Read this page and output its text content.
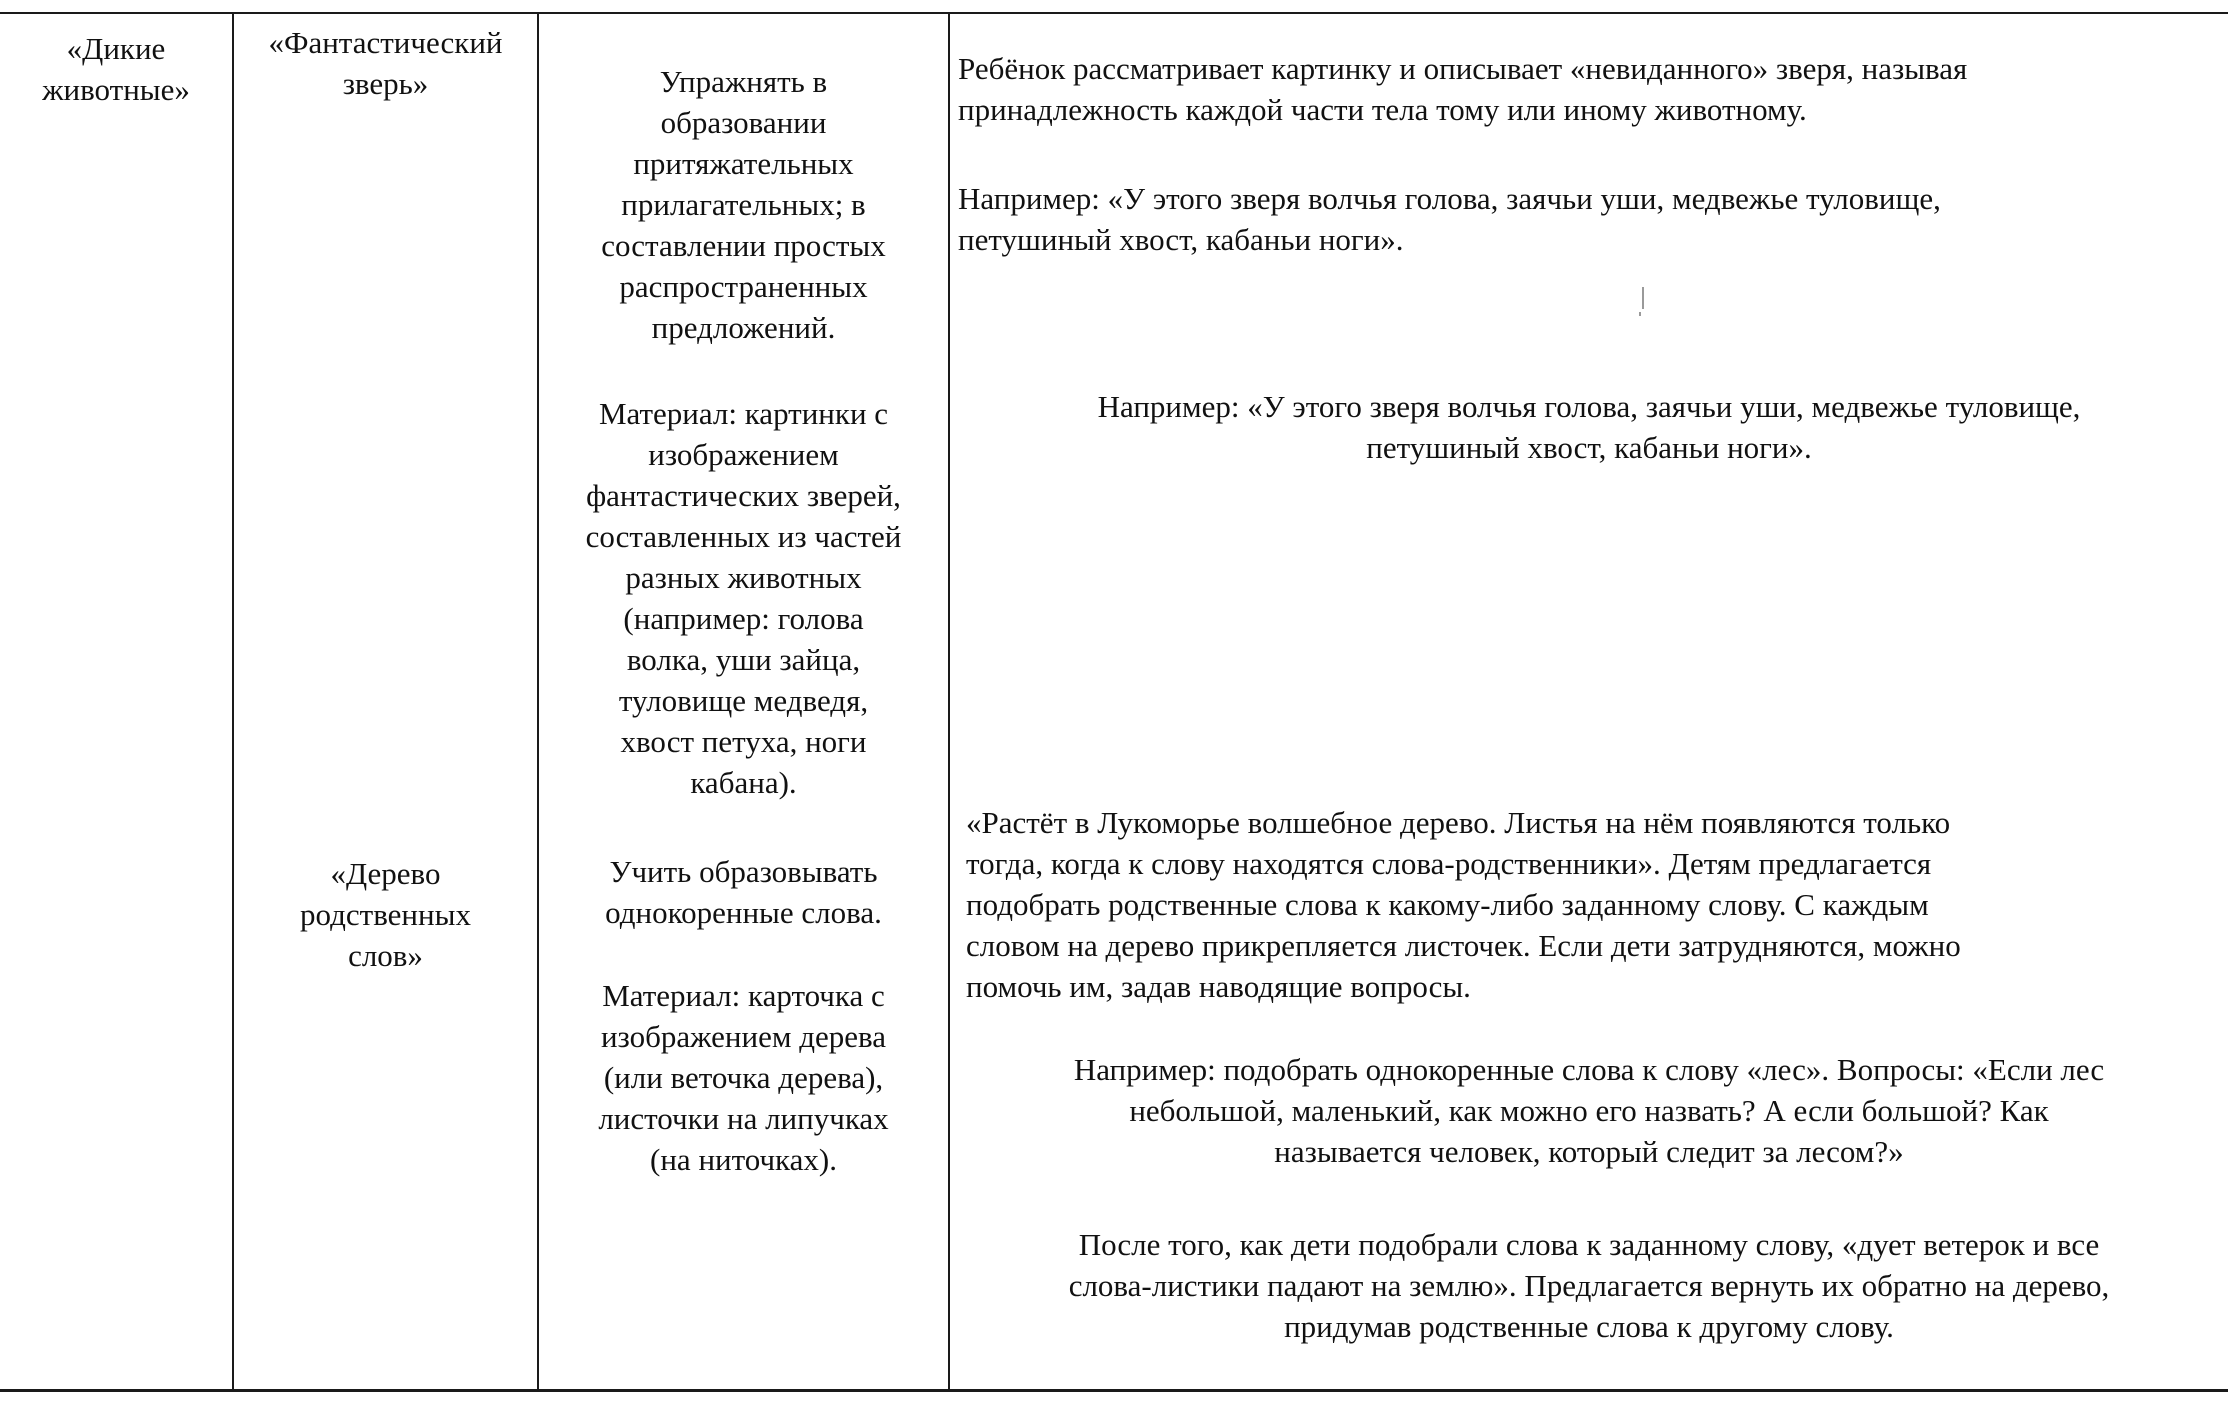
«Дикие
животные»
«Фантастический
зверь»
«Дерево
родственных
слов»
Упражнять в
образовании
притяжательных
прилагательных; в
составлении простых
распространенных
предложений.
Материал: картинки с
изображением
фантастических зверей,
составленных из частей
разных животных
(например: голова
волка, уши зайца,
туловище медведя,
хвост петуха, ноги
кабана).
Учить образовывать
однокоренные слова.
Материал: карточка с
изображением дерева
(или веточка дерева),
листочки на липучках
(на ниточках).
Ребёнок рассматривает картинку и описывает «невиданного» зверя, называя
принадлежность каждой части тела тому или иному животному.
Например: «У этого зверя волчья голова, заячьи уши, медвежье туловище,
петушиный хвост, кабаньи ноги».
Например: «У этого зверя волчья голова, заячьи уши, медвежье туловище,
петушиный хвост, кабаньи ноги».
«Растёт в Лукоморье волшебное дерево. Листья на нём появляются только
тогда, когда к слову находятся слова-родственники». Детям предлагается
подобрать родственные слова к какому-либо заданному слову. С каждым
словом на дерево прикрепляется листочек. Если дети затрудняются, можно
помочь им, задав наводящие вопросы.
Например: подобрать однокоренные слова к слову «лес». Вопросы: «Если лес
небольшой, маленький, как можно его назвать? А если большой? Как
называется человек, который следит за лесом?»
После того, как дети подобрали слова к заданному слову, «дует ветерок и все
слова-листики падают на землю». Предлагается вернуть их обратно на дерево,
придумав родственные слова к другому слову.
